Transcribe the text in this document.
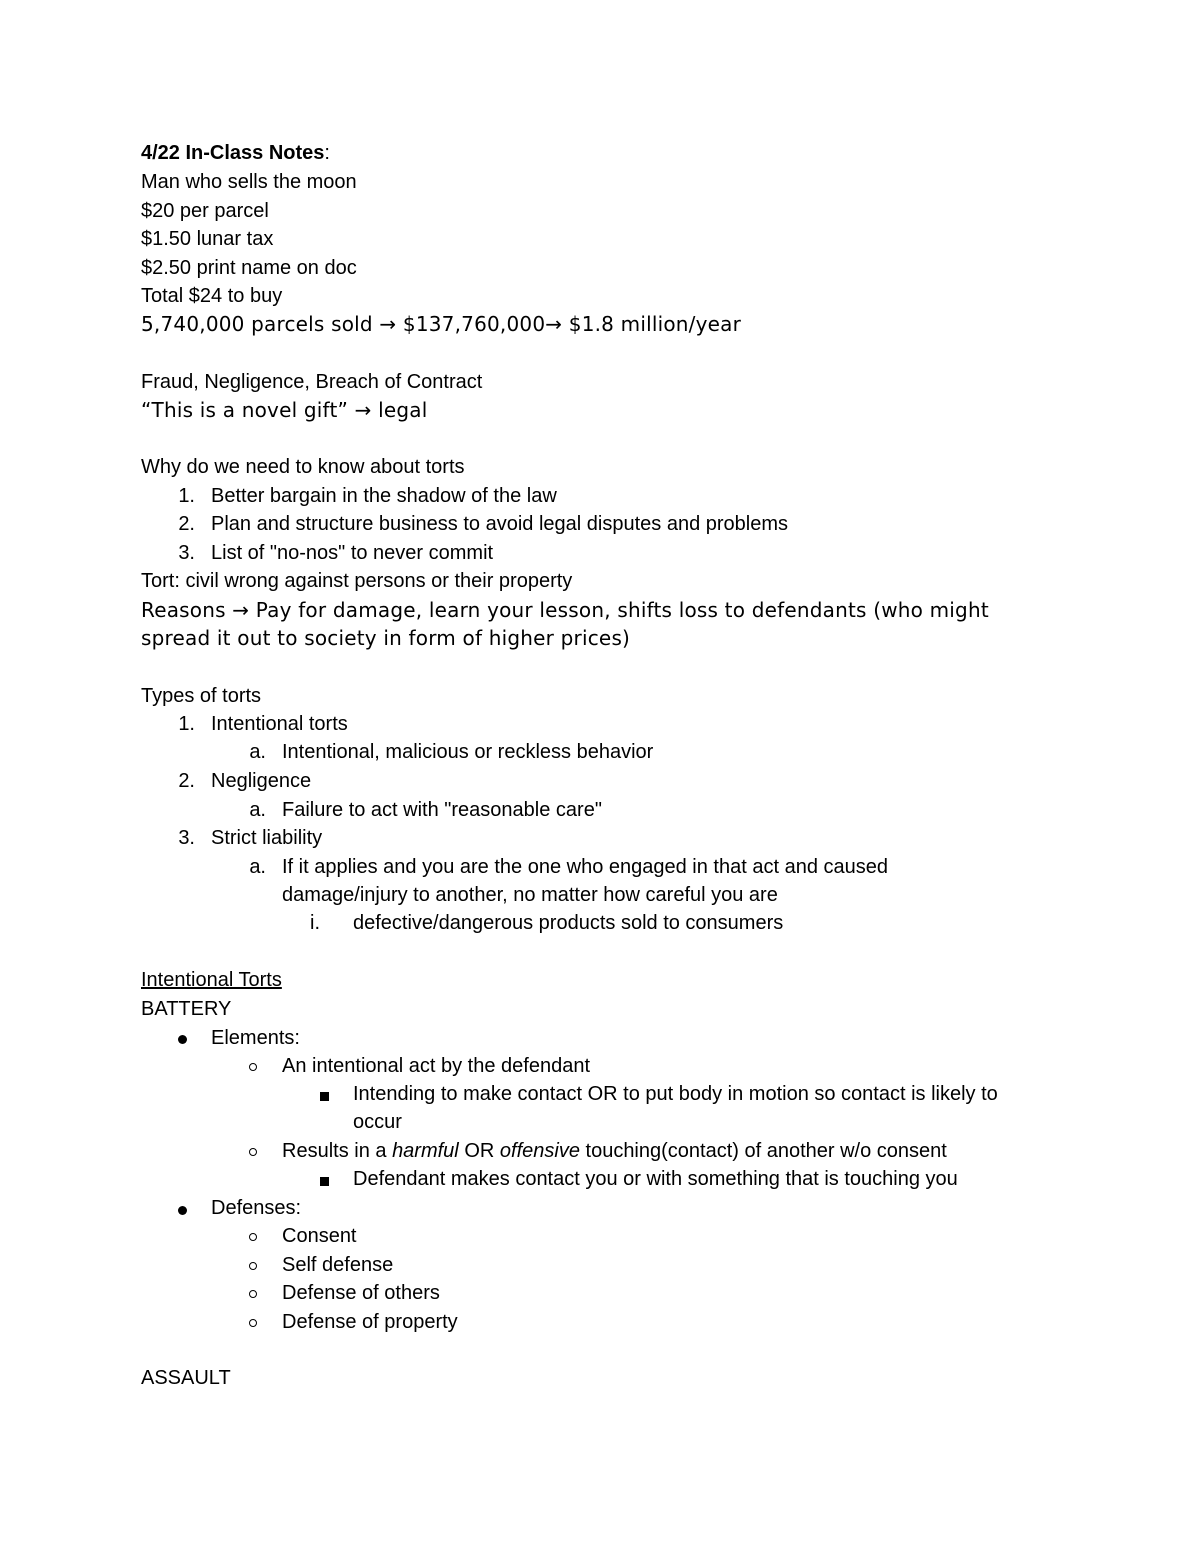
4/22 In-Class Notes:
Man who sells the moon
$20 per parcel
$1.50 lunar tax
$2.50 print name on doc
Total $24 to buy
5,740,000 parcels sold → $137,760,000→ $1.8 million/year
Fraud, Negligence, Breach of Contract
“This is a novel gift” → legal
Why do we need to know about torts
1. Better bargain in the shadow of the law
2. Plan and structure business to avoid legal disputes and problems
3. List of "no-nos" to never commit
Tort: civil wrong against persons or their property
Reasons → Pay for damage, learn your lesson, shifts loss to defendants (who might
spread it out to society in form of higher prices)
Types of torts
1. Intentional torts
a. Intentional, malicious or reckless behavior
2. Negligence
a. Failure to act with "reasonable care"
3. Strict liability
a. If it applies and you are the one who engaged in that act and caused
damage/injury to another, no matter how careful you are
i. defective/dangerous products sold to consumers
Intentional Torts
BATTERY
Elements:
An intentional act by the defendant
Intending to make contact OR to put body in motion so contact is likely to
occur
Results in a harmful OR offensive touching(contact) of another w/o consent
Defendant makes contact you or with something that is touching you
Defenses:
Consent
Self defense
Defense of others
Defense of property
ASSAULT
